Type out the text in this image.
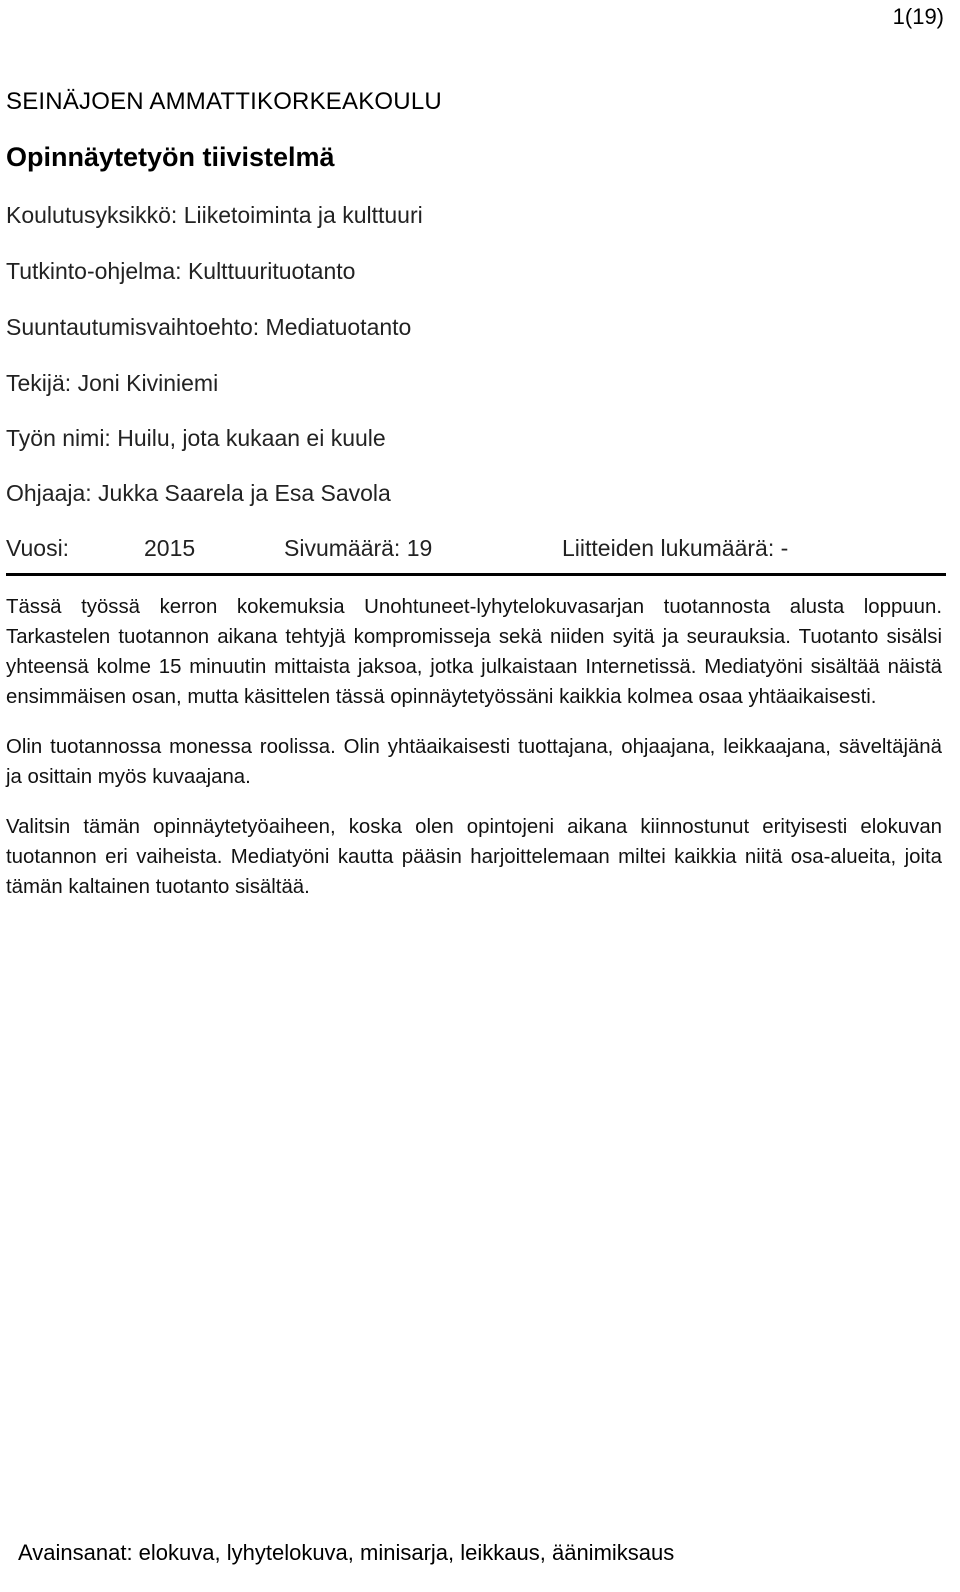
1(19)
SEINÄJOEN AMMATTIKORKEAKOULU
Opinnäytetyön tiivistelmä
Koulutusyksikkö: Liiketoiminta ja kulttuuri
Tutkinto-ohjelma: Kulttuurituotanto
Suuntautumisvaihtoehto: Mediatuotanto
Tekijä: Joni Kiviniemi
Työn nimi: Huilu, jota kukaan ei kuule
Ohjaaja: Jukka Saarela ja Esa Savola
Vuosi:	2015	Sivumäärä: 19	Liitteiden lukumäärä: -

Tässä työssä kerron kokemuksia Unohtuneet-lyhytelokuvasarjan tuotannosta alusta loppuun. Tarkastelen tuotannon aikana tehtyjä kompromisseja sekä niiden syitä ja seurauksia. Tuotanto sisälsi yhteensä kolme 15 minuutin mittaista jaksoa, jotka julkaistaan Internetissä. Mediatyöni sisältää näistä ensimmäisen osan, mutta käsittelen tässä opinnäytetyössäni kaikkia kolmea osaa yhtäaikaisesti.

Olin tuotannossa monessa roolissa. Olin yhtäaikaisesti tuottajana, ohjaajana, leikkaajana, säveltäjänä ja osittain myös kuvaajana.

Valitsin tämän opinnäytetyöaiheen, koska olen opintojeni aikana kiinnostunut erityisesti elokuvan tuotannon eri vaiheista. Mediatyöni kautta pääsin harjoittelemaan miltei kaikkia niitä osa-alueita, joita tämän kaltainen tuotanto sisältää.

Avainsanat: elokuva, lyhytelokuva, minisarja, leikkaus, äänimiksaus
